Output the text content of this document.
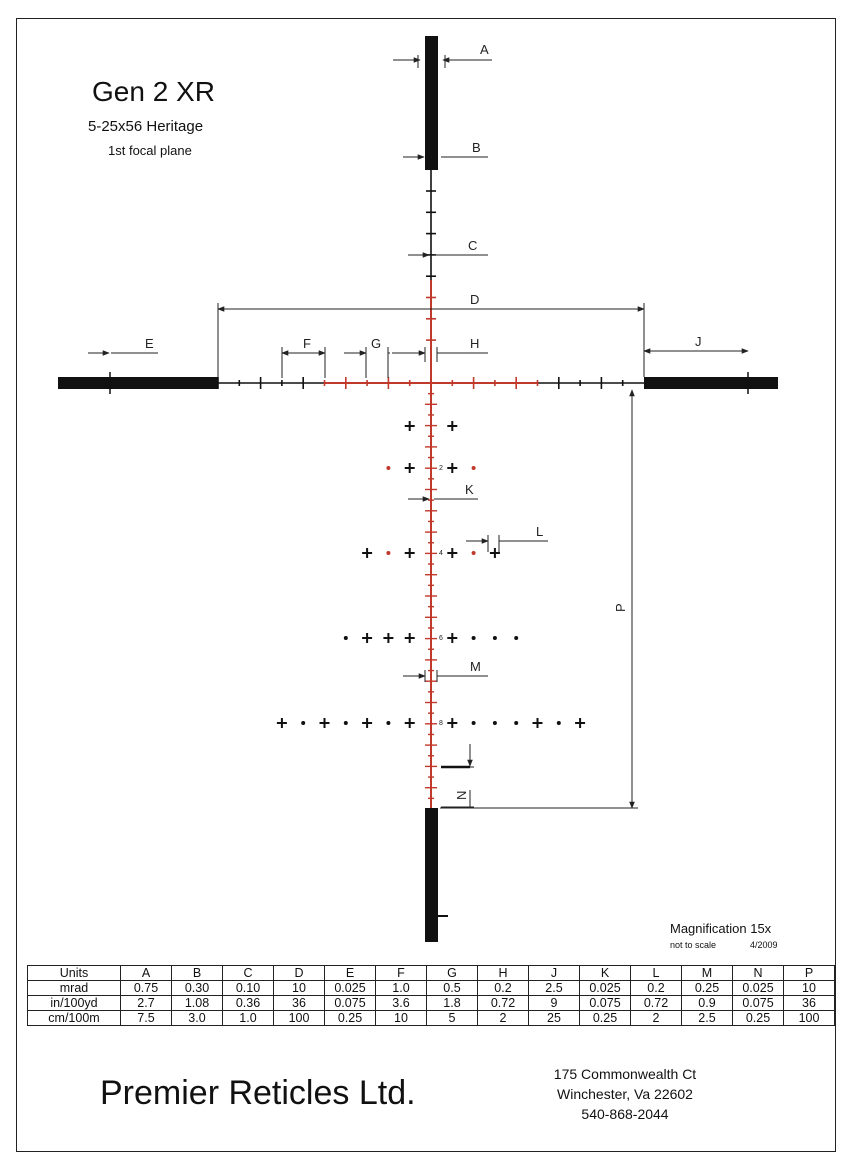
Gen 2 XR
5-25x56 Heritage
1st focal plane
A
B
C
D
E	F	G	H	J
K
L
M
N
P
2
4
6
8
Magnification 15x
not to scale	4/2009
Units	A	B	C	D	E	F	G	H	J	K	L	M	N	P
mrad	0.75	0.30	0.10	10	0.025	1.0	0.5	0.2	2.5	0.025	0.2	0.25	0.025	10
in/100yd	2.7	1.08	0.36	36	0.075	3.6	1.8	0.72	9	0.075	0.72	0.9	0.075	36
cm/100m	7.5	3.0	1.0	100	0.25	10	5	2	25	0.25	2	2.5	0.25	100
Premier Reticles Ltd.	175 Commonwealth Ct
Winchester, Va 22602
540-868-2044
